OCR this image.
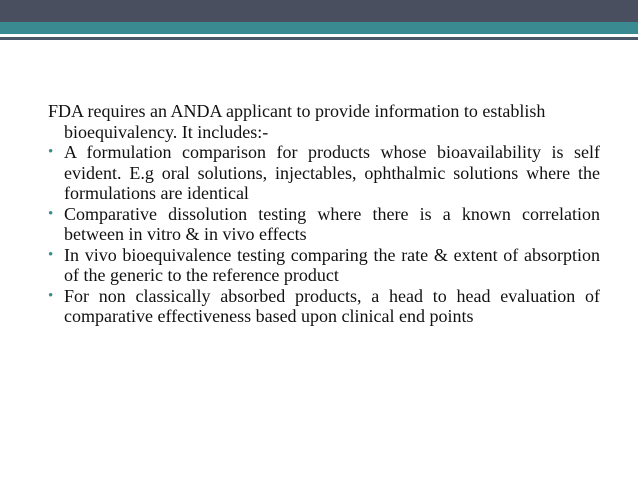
FDA requires an ANDA applicant to provide information to establish bioequivalency. It includes:-

• A formulation comparison for products whose bioavailability is self evident. E.g oral solutions, injectables, ophthalmic solutions where the formulations are identical
• Comparative dissolution testing where there is a known correlation between in vitro & in vivo effects
• In vivo bioequivalence testing comparing the rate & extent of absorption of the generic to the reference product
• For non classically absorbed products, a head to head evaluation of comparative effectiveness based upon clinical end points
